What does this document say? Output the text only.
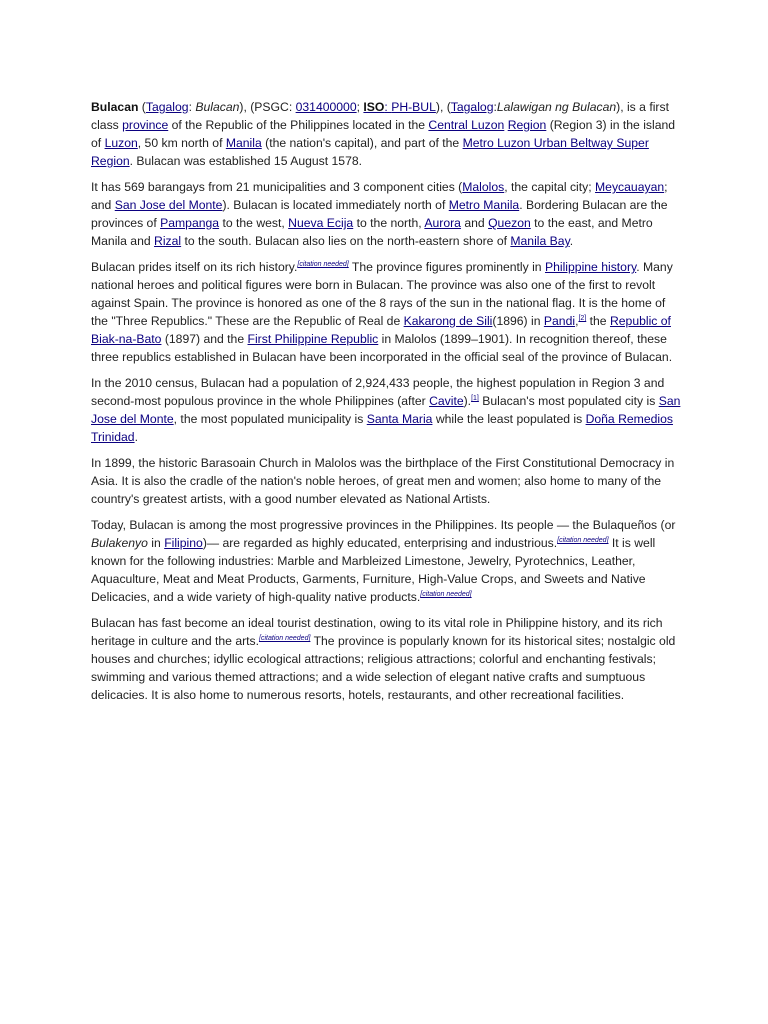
Bulacan (Tagalog: Bulacan), (PSGC: 031400000; ISO: PH-BUL), (Tagalog:Lalawigan ng Bulacan), is a first class province of the Republic of the Philippines located in the Central Luzon Region (Region 3) in the island of Luzon, 50 km north of Manila (the nation's capital), and part of the Metro Luzon Urban Beltway Super Region. Bulacan was established 15 August 1578.

It has 569 barangays from 21 municipalities and 3 component cities (Malolos, the capital city; Meycauayan; and San Jose del Monte). Bulacan is located immediately north of Metro Manila. Bordering Bulacan are the provinces of Pampanga to the west, Nueva Ecija to the north, Aurora and Quezon to the east, and Metro Manila and Rizal to the south. Bulacan also lies on the north-eastern shore of Manila Bay.

Bulacan prides itself on its rich history.[citation needed] The province figures prominently in Philippine history. Many national heroes and political figures were born in Bulacan. The province was also one of the first to revolt against Spain. The province is honored as one of the 8 rays of the sun in the national flag. It is the home of the "Three Republics." These are the Republic of Real de Kakarong de Sili(1896) in Pandi,[2] the Republic of Biak-na-Bato (1897) and the First Philippine Republic in Malolos (1899–1901). In recognition thereof, these three republics established in Bulacan have been incorporated in the official seal of the province of Bulacan.

In the 2010 census, Bulacan had a population of 2,924,433 people, the highest population in Region 3 and second-most populous province in the whole Philippines (after Cavite).[1] Bulacan's most populated city is San Jose del Monte, the most populated municipality is Santa Maria while the least populated is Doña Remedios Trinidad.

In 1899, the historic Barasoain Church in Malolos was the birthplace of the First Constitutional Democracy in Asia. It is also the cradle of the nation's noble heroes, of great men and women; also home to many of the country's greatest artists, with a good number elevated as National Artists.

Today, Bulacan is among the most progressive provinces in the Philippines. Its people — the Bulaqueños (or Bulakenyo in Filipino)— are regarded as highly educated, enterprising and industrious.[citation needed] It is well known for the following industries: Marble and Marbleized Limestone, Jewelry, Pyrotechnics, Leather, Aquaculture, Meat and Meat Products, Garments, Furniture, High-Value Crops, and Sweets and Native Delicacies, and a wide variety of high-quality native products.[citation needed]

Bulacan has fast become an ideal tourist destination, owing to its vital role in Philippine history, and its rich heritage in culture and the arts.[citation needed] The province is popularly known for its historical sites; nostalgic old houses and churches; idyllic ecological attractions; religious attractions; colorful and enchanting festivals; swimming and various themed attractions; and a wide selection of elegant native crafts and sumptuous delicacies. It is also home to numerous resorts, hotels, restaurants, and other recreational facilities.
